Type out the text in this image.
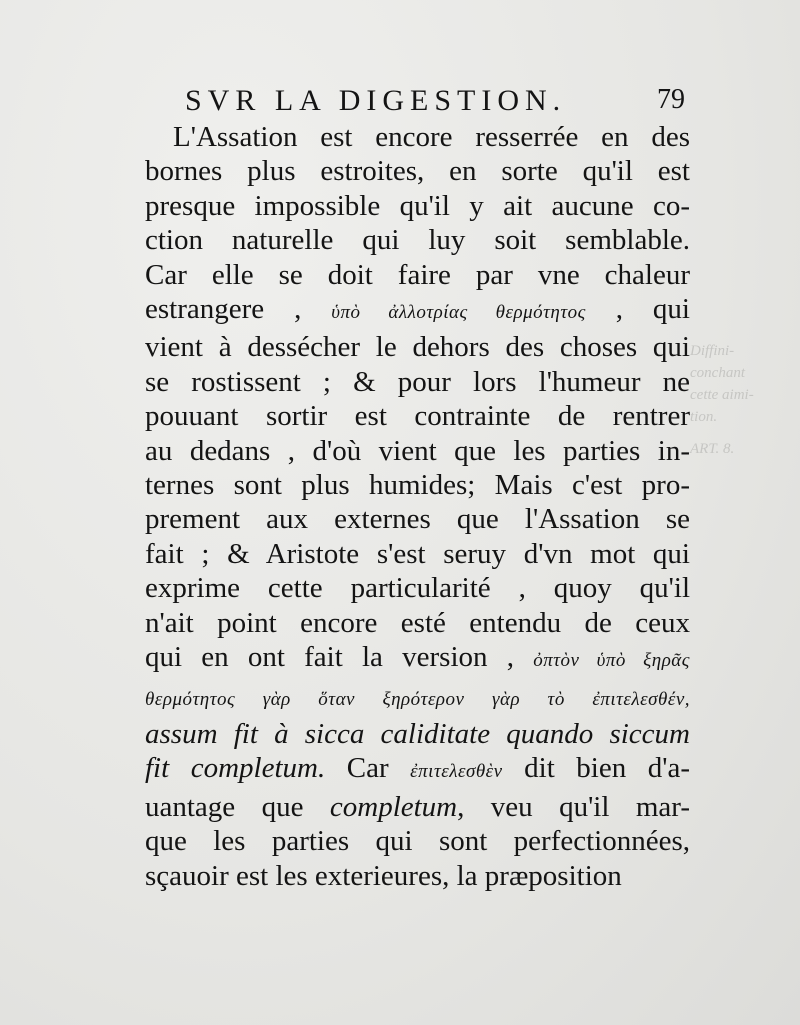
Diffini-
conchant
cette aimi-
tion.
ART. 8.
SVR LA DIGESTION.	79
L'Assation est encore resserrée en des
bornes plus estroites, en sorte qu'il est
presque impossible qu'il y ait aucune co-
ction naturelle qui luy soit semblable.
Car elle se doit faire par vne chaleur
estrangere , ὑπὸ ἀλλοτρίας θερμότητος , qui
vient à dessécher le dehors des choses qui
se rostissent ; & pour lors l'humeur ne
pouuant sortir est contrainte de rentrer
au dedans , d'où vient que les parties in-
ternes sont plus humides; Mais c'est pro-
prement aux externes que l'Assation se
fait ; & Aristote s'est seruy d'vn mot qui
exprime cette particularité , quoy qu'il
n'ait point encore esté entendu de ceux
qui en ont fait la version , ὀπτὸν ὑπὸ ξηρᾶς
θερμότητος γὰρ ὅταν ξηρότερον γὰρ τὸ ἐπιτελεσθέν,
assum fit à sicca caliditate quando siccum
fit completum. Car ἐπιτελεσθὲν dit bien d'a-
uantage que completum, veu qu'il mar-
que les parties qui sont perfectionnées,
sçauoir est les exterieures, la præposition
